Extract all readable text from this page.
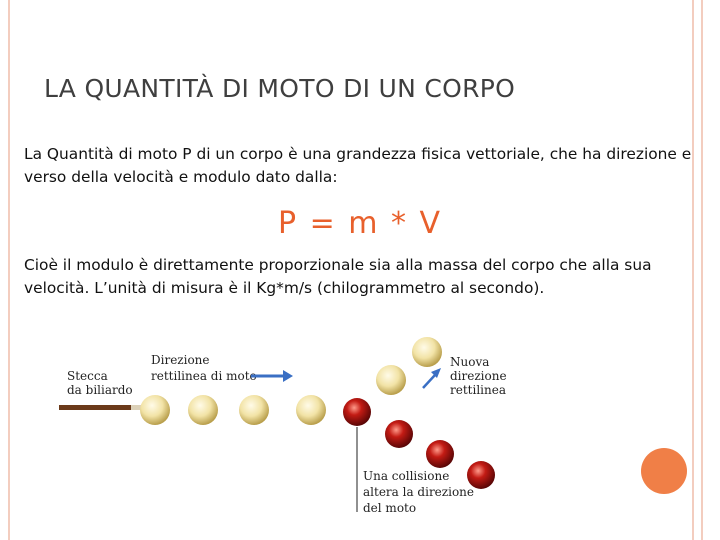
LA QUANTITÀ DI MOTO DI UN CORPO
La Quantità di moto P di un corpo è una grandezza fisica vettoriale, che ha direzione e verso della velocità e modulo dato dalla:
P = m * V
Cioè il modulo è direttamente proporzionale sia alla massa del corpo che alla sua velocità. L’unità di misura è il Kg*m/s (chilogrammetro al secondo).
Stecca
da biliardo
Direzione
rettilinea di moto
Nuova
direzione
rettilinea
Una collisione
altera la direzione
del moto
